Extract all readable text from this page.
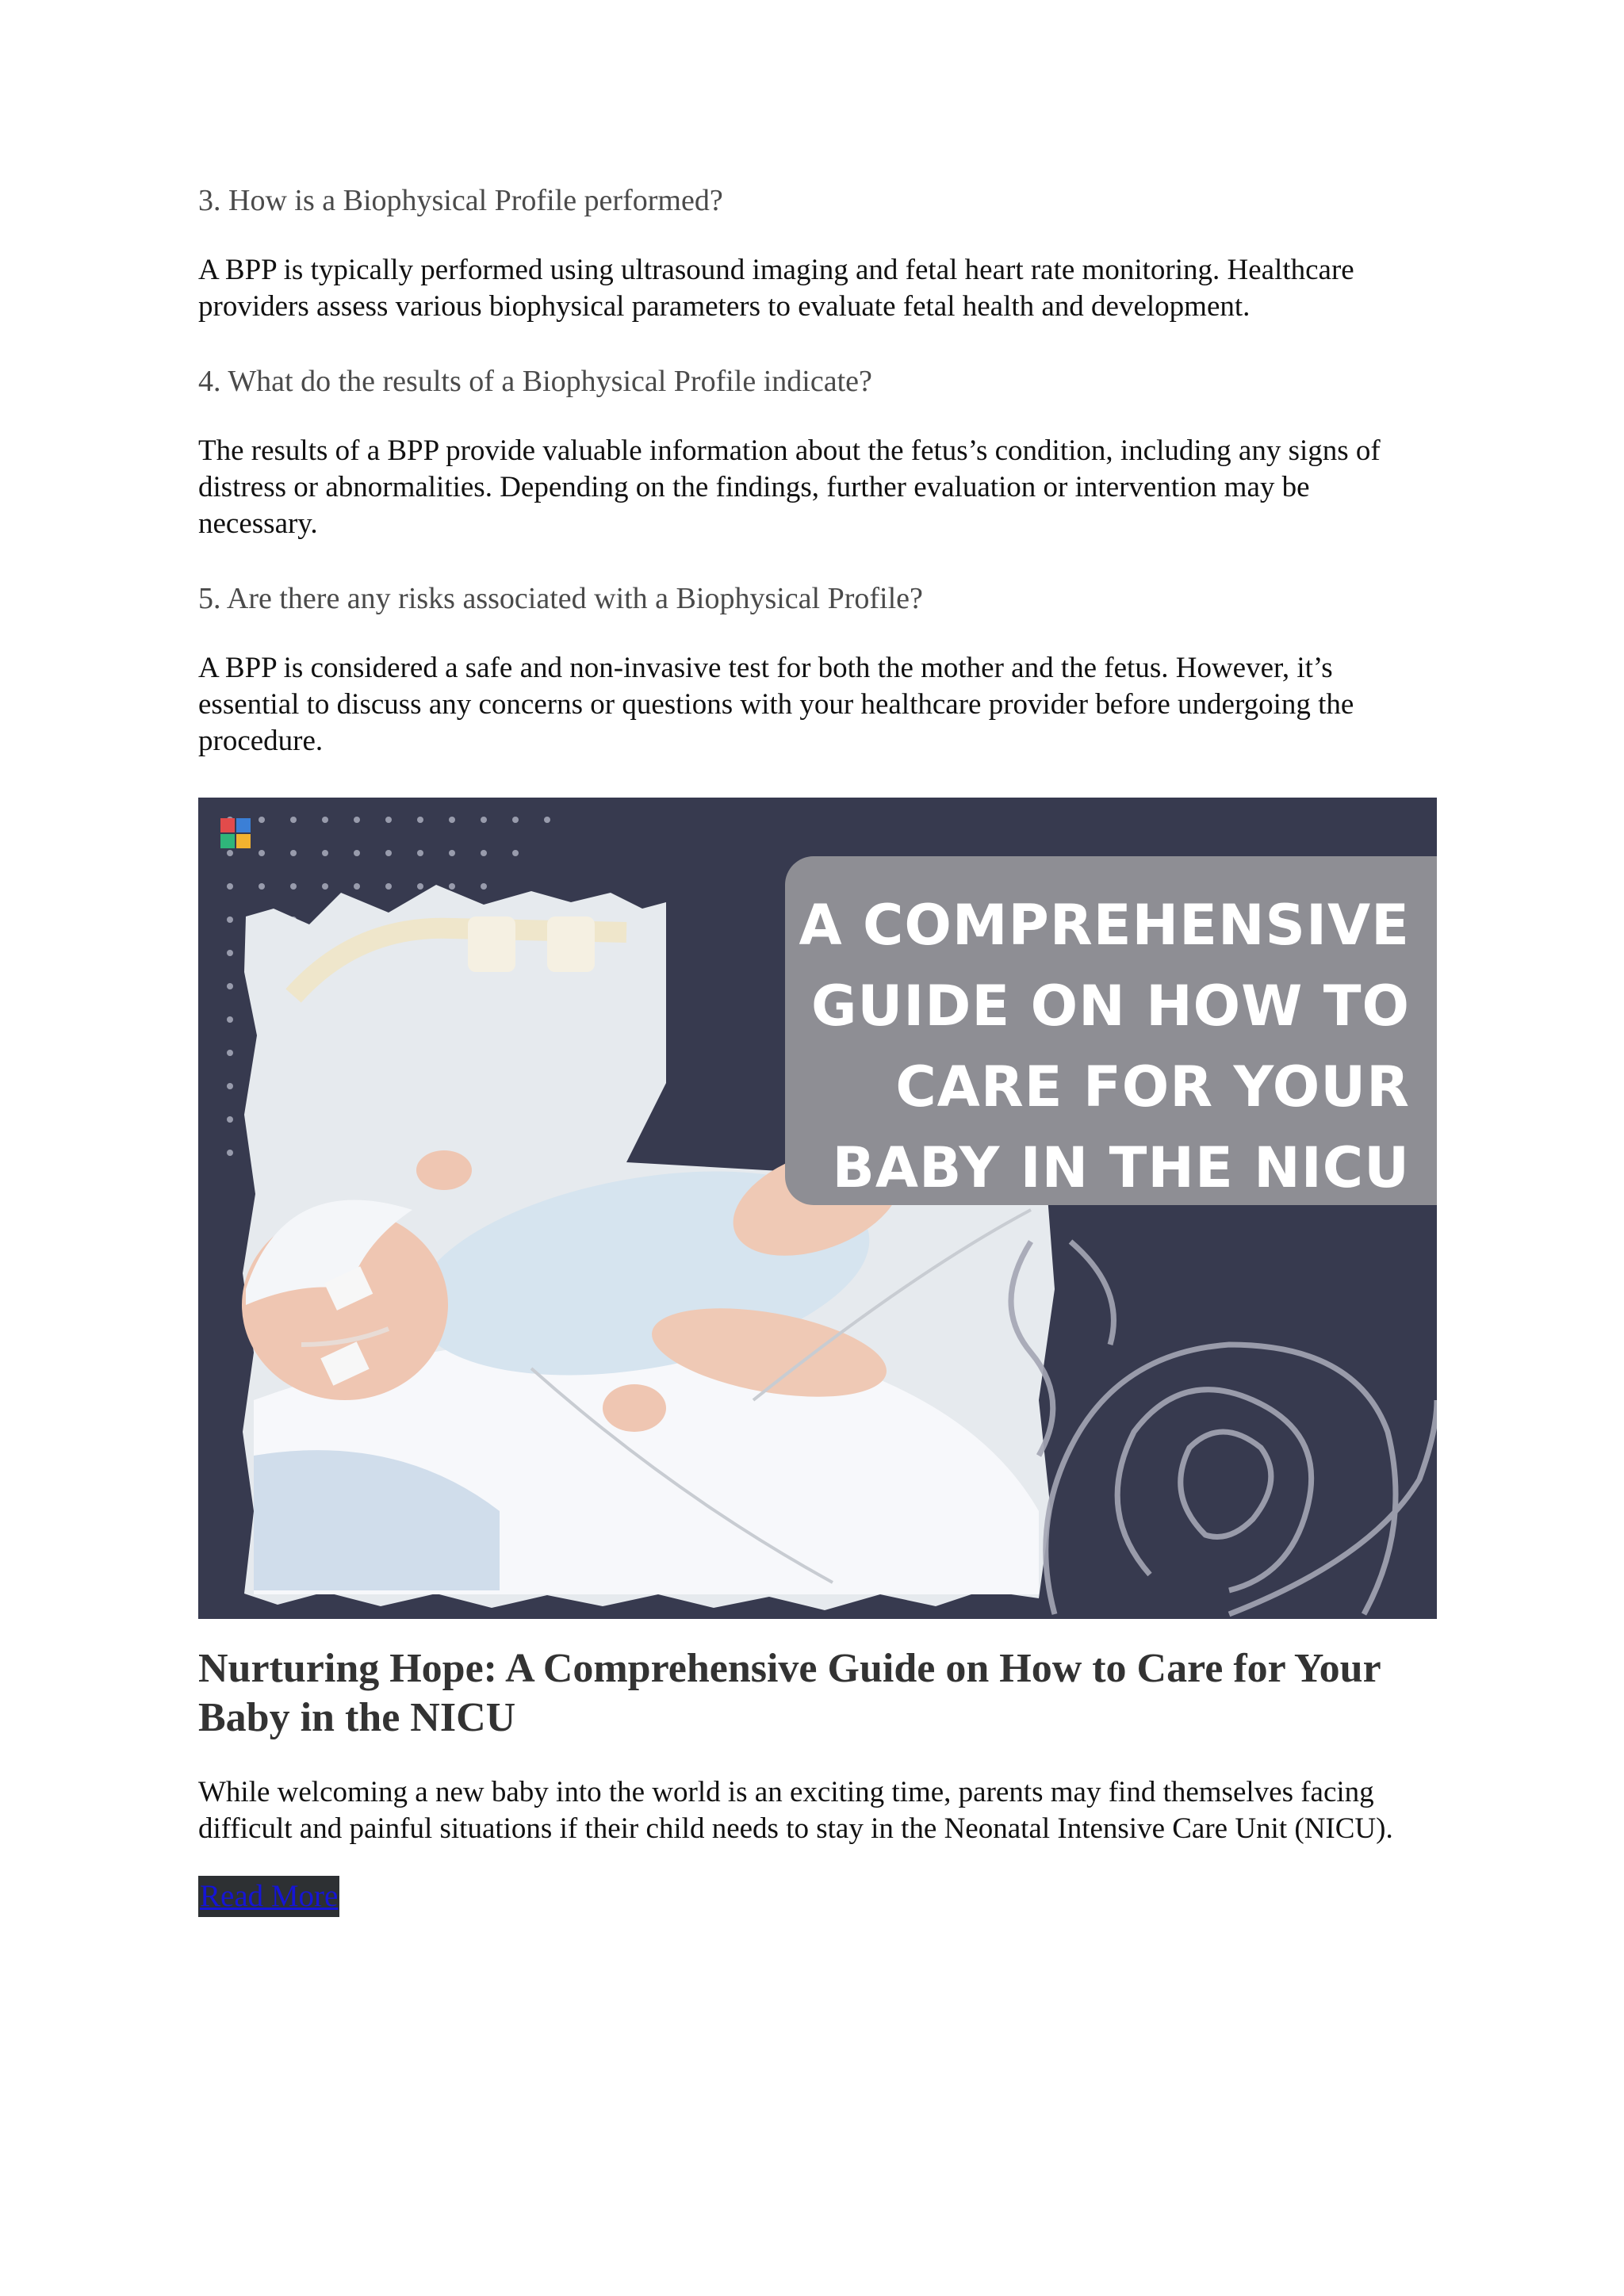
3. How is a Biophysical Profile performed?

A BPP is typically performed using ultrasound imaging and fetal heart rate monitoring. Healthcare providers assess various biophysical parameters to evaluate fetal health and development.

4. What do the results of a Biophysical Profile indicate?

The results of a BPP provide valuable information about the fetus’s condition, including any signs of distress or abnormalities. Depending on the findings, further evaluation or intervention may be necessary.

5. Are there any risks associated with a Biophysical Profile?

A BPP is considered a safe and non-invasive test for both the mother and the fetus. However, it’s essential to discuss any concerns or questions with your healthcare provider before undergoing the procedure.

A COMPREHENSIVE
GUIDE ON HOW TO
CARE FOR YOUR
BABY IN THE NICU
Nurturing Hope: A Comprehensive Guide on How to Care for Your Baby in the NICU

While welcoming a new baby into the world is an exciting time, parents may find themselves facing difficult and painful situations if their child needs to stay in the Neonatal Intensive Care Unit (NICU).

Read More
